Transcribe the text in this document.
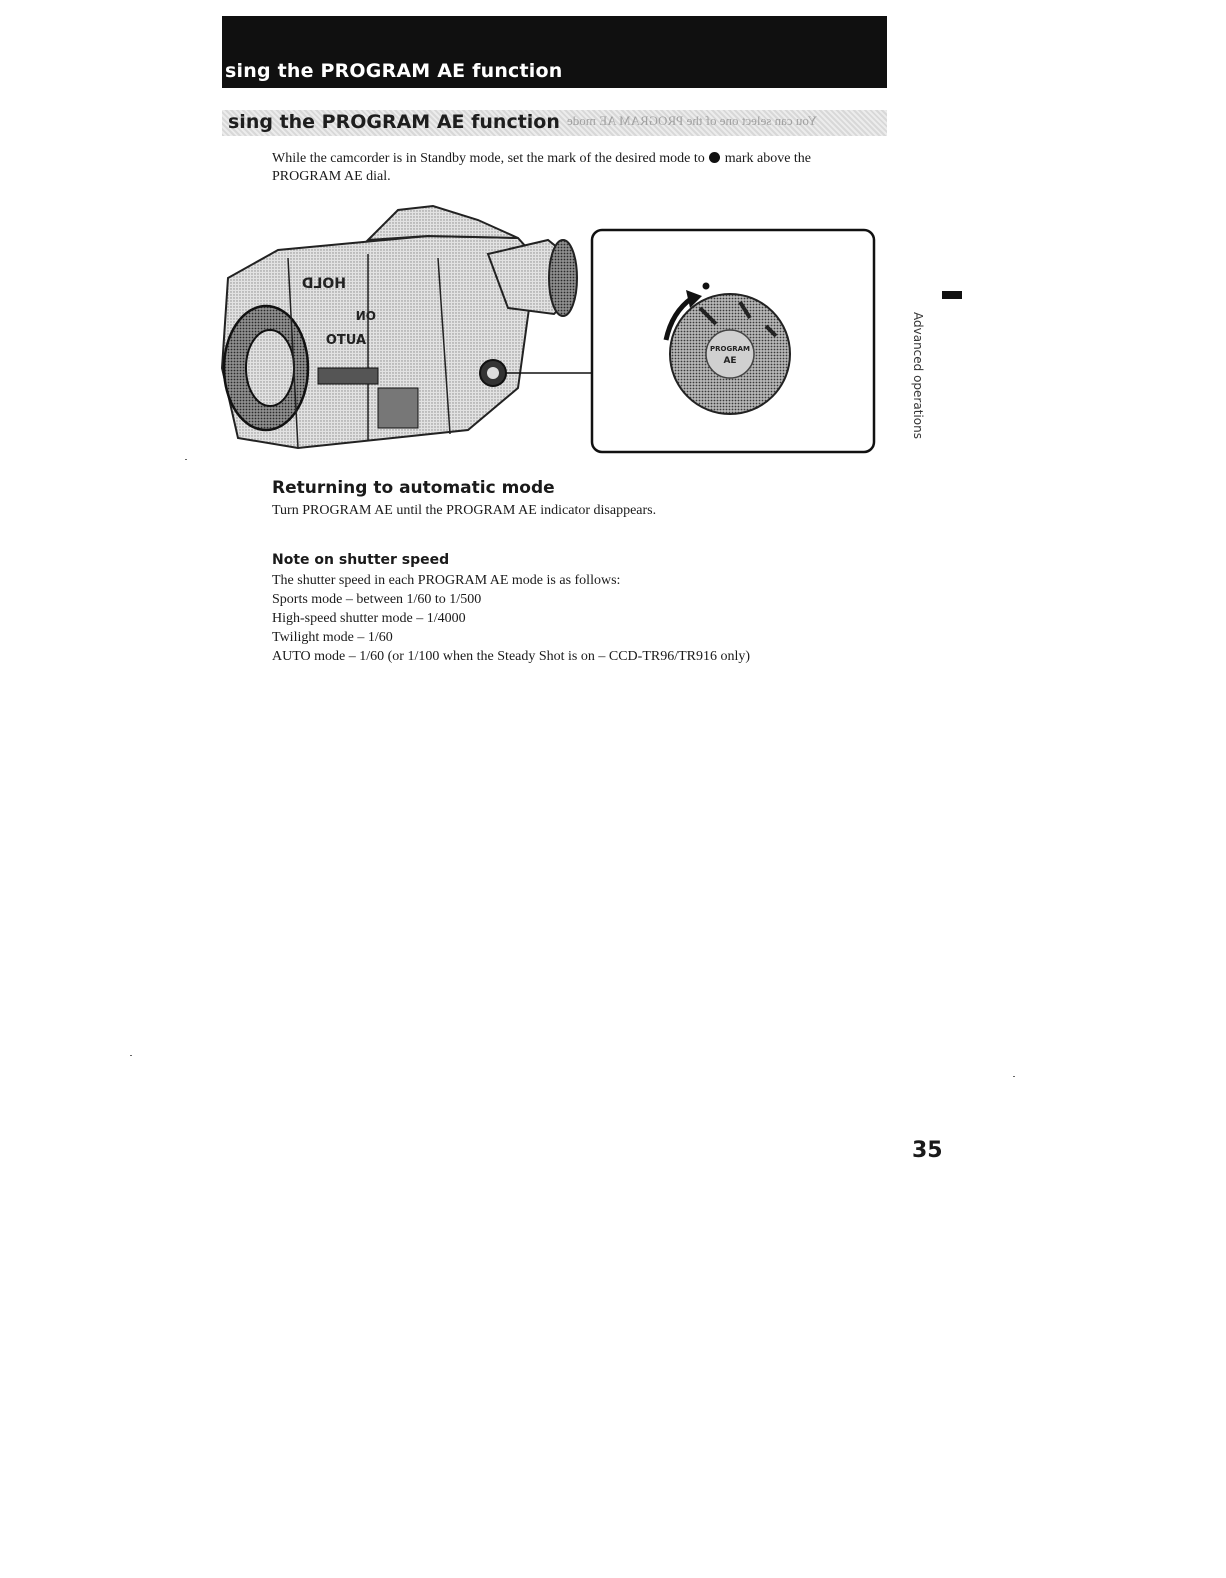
sing the PROGRAM AE function
sing the PROGRAM AE function You can select one of the PROGRAM AE mode

While the camcorder is in Standby mode, set the mark of the desired mode to  mark above the PROGRAM AE dial.

HOLD
ON
AUTO
PROGRAM
AE	Advanced operations
Returning to automatic mode
Turn PROGRAM AE until the PROGRAM AE indicator disappears.
Note on shutter speed
The shutter speed in each PROGRAM AE mode is as follows:
Sports mode – between 1/60 to 1/500
High-speed shutter mode – 1/4000
Twilight mode – 1/60
AUTO mode – 1/60 (or 1/100 when the Steady Shot is on – CCD-TR96/TR916 only)
35
